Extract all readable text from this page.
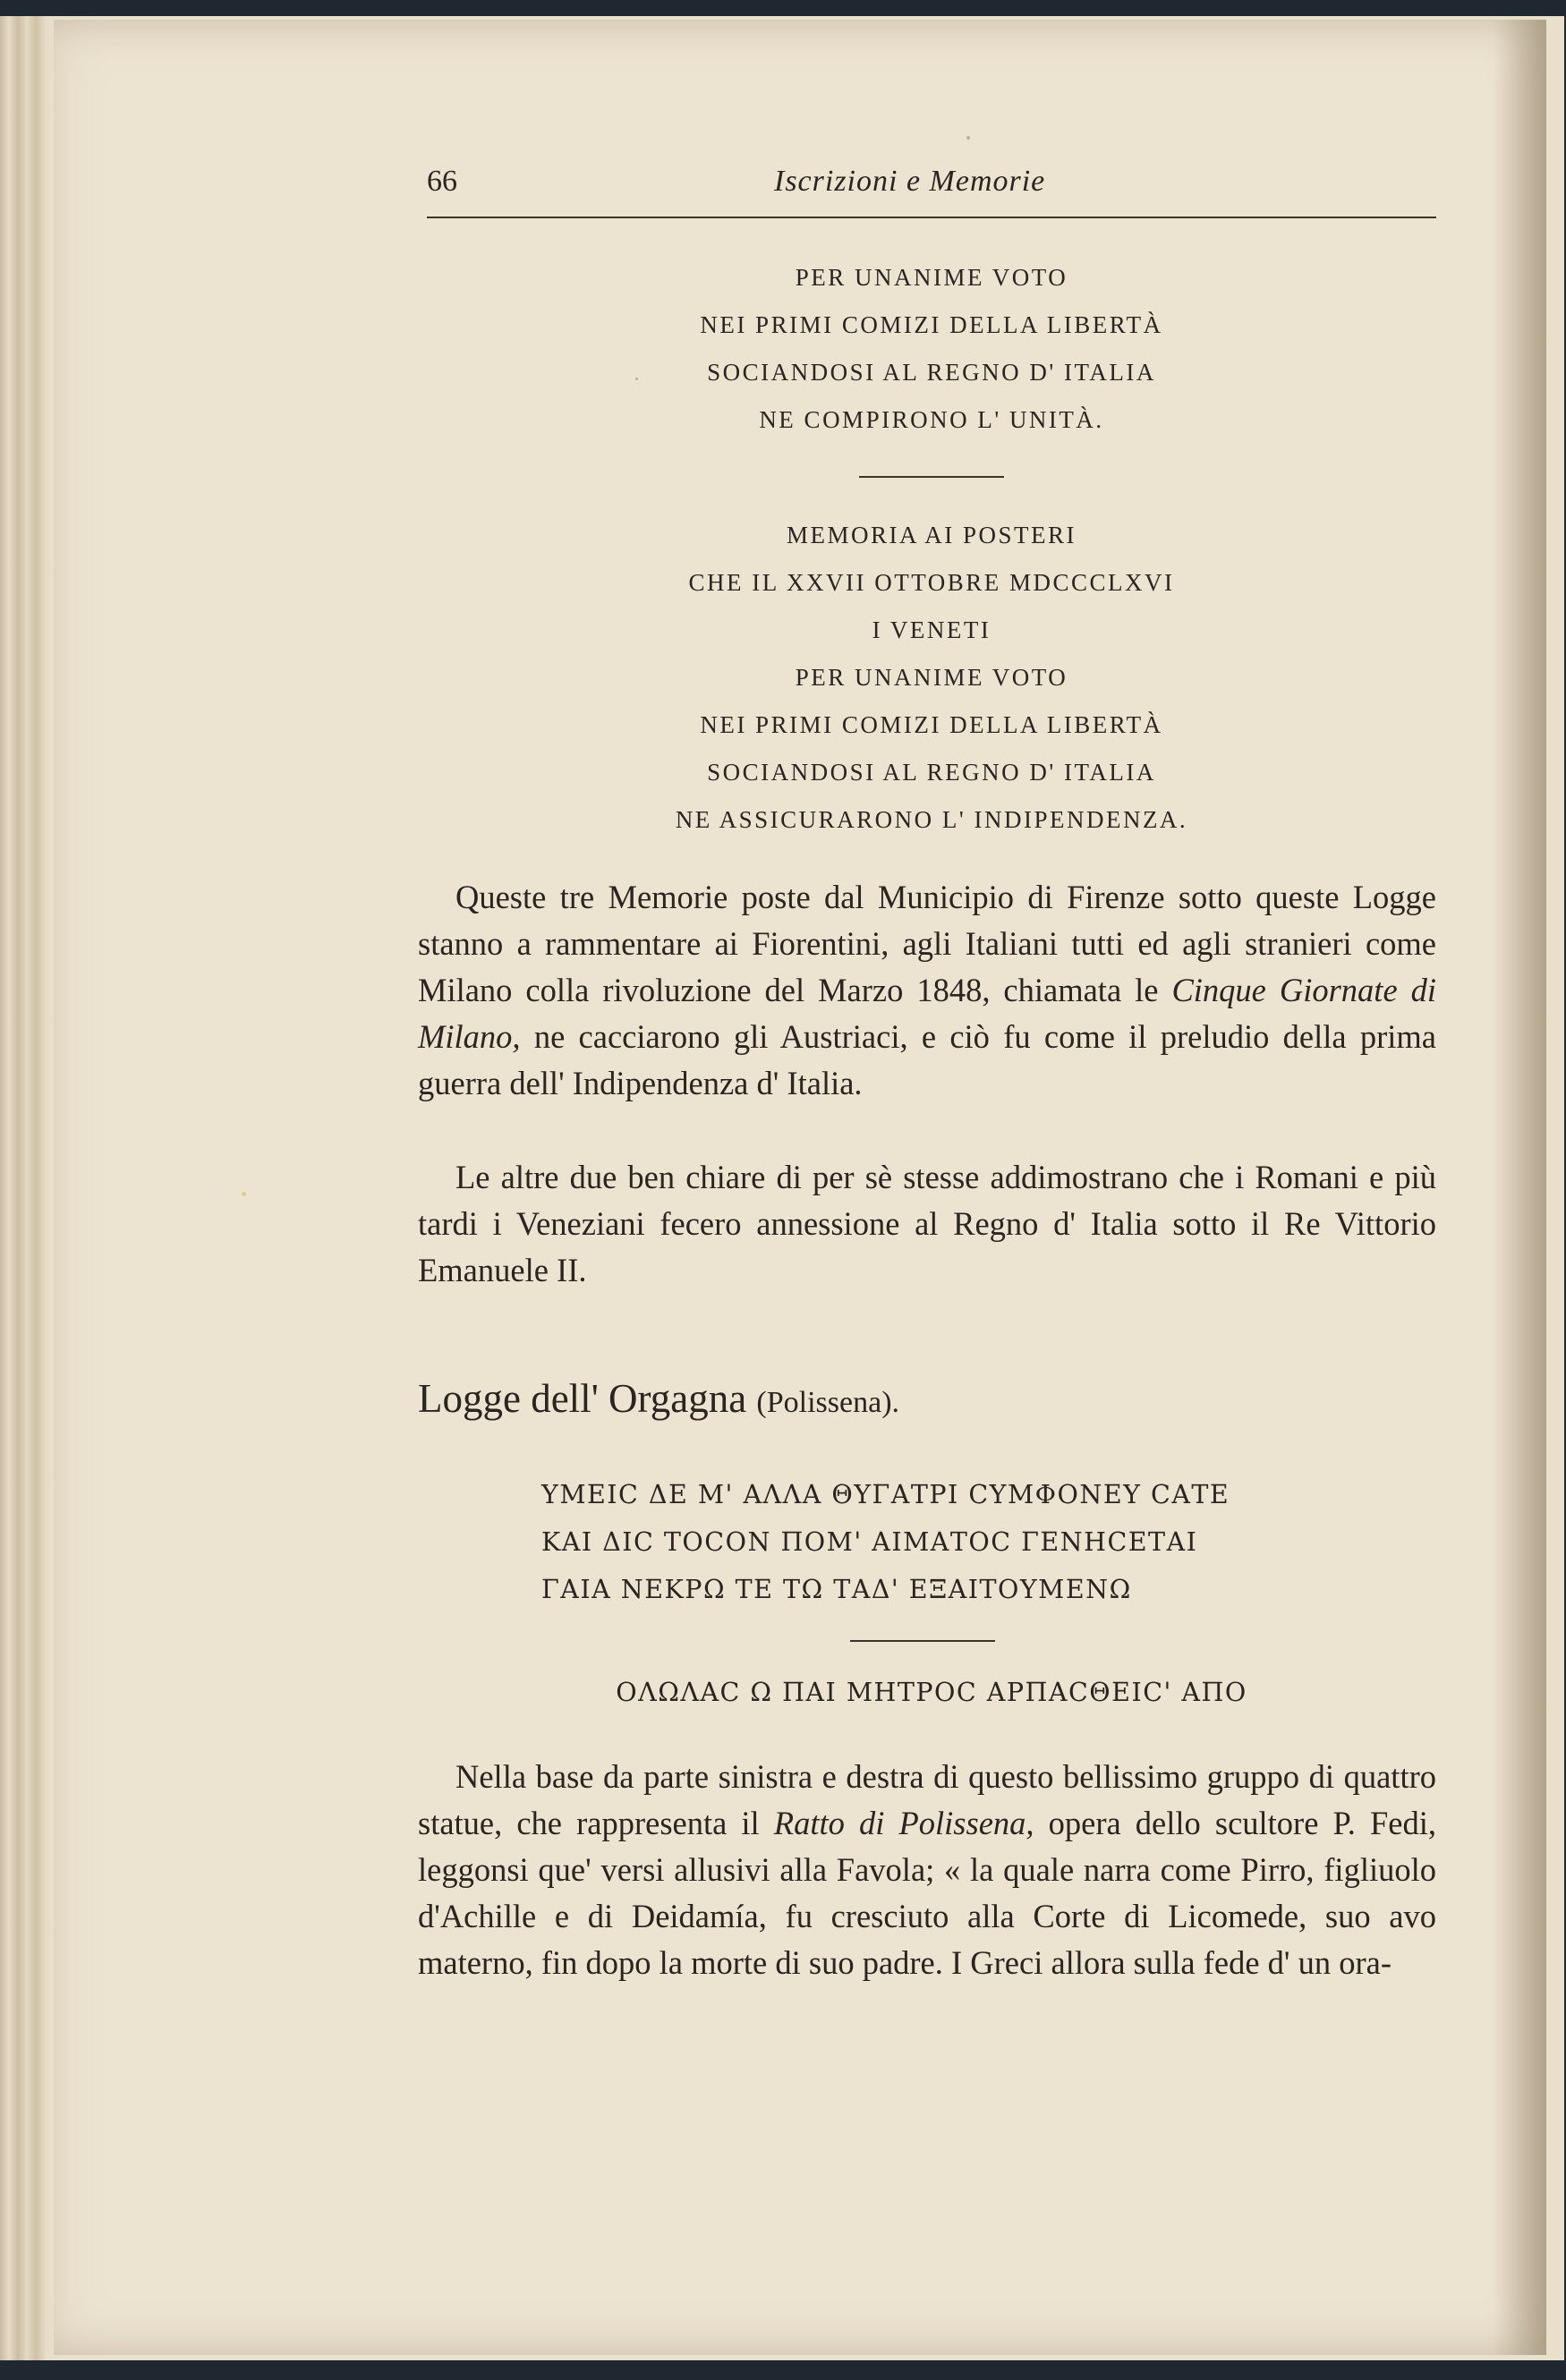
66	Iscrizioni e Memorie
PER UNANIME VOTO
NEI PRIMI COMIZI DELLA LIBERTÀ
SOCIANDOSI AL REGNO D' ITALIA
NE COMPIRONO L' UNITÀ.
MEMORIA AI POSTERI
CHE IL XXVII OTTOBRE MDCCCLXVI
I VENETI
PER UNANIME VOTO
NEI PRIMI COMIZI DELLA LIBERTÀ
SOCIANDOSI AL REGNO D' ITALIA
NE ASSICURARONO L' INDIPENDENZA.

Queste tre Memorie poste dal Municipio di Firenze sotto queste Logge stanno a rammentare ai Fiorentini, agli Italiani tutti ed agli stranieri come Milano colla rivoluzione del Marzo 1848, chiamata le Cinque Giornate di Milano, ne cacciarono gli Austriaci, e ciò fu come il preludio della prima guerra dell' Indipendenza d' Italia.

Le altre due ben chiare di per sè stesse addimostrano che i Romani e più tardi i Veneziani fecero annessione al Regno d' Italia sotto il Re Vittorio Emanuele II.

Logge dell' Orgagna (Polissena).
ΥΜΕΙC ΔΕ Μ' ΑΛΛΑ ΘΥΓΑΤΡΙ CΥΜΦΟΝΕΥ CΑΤΕ
ΚΑΙ ΔΙC ΤΟCΟΝ ΠΟΜ' ΑΙΜΑΤΟC ΓΕΝΗCΕΤΑΙ
ΓΑΙΑ ΝΕΚΡΩ ΤΕ ΤΩ ΤΑΔ' ΕΞΑΙΤΟΥΜΕΝΩ
ΟΛΩΛΑC Ω ΠΑΙ ΜΗΤΡΟC ΑΡΠΑCΘΕΙC' ΑΠΟ

Nella base da parte sinistra e destra di questo bellissimo gruppo di quattro statue, che rappresenta il Ratto di Polissena, opera dello scultore P. Fedi, leggonsi que' versi allusivi alla Favola; « la quale narra come Pirro, figliuolo d'Achille e di Deidamía, fu cresciuto alla Corte di Licomede, suo avo materno, fin dopo la morte di suo padre. I Greci allora sulla fede d' un ora-
